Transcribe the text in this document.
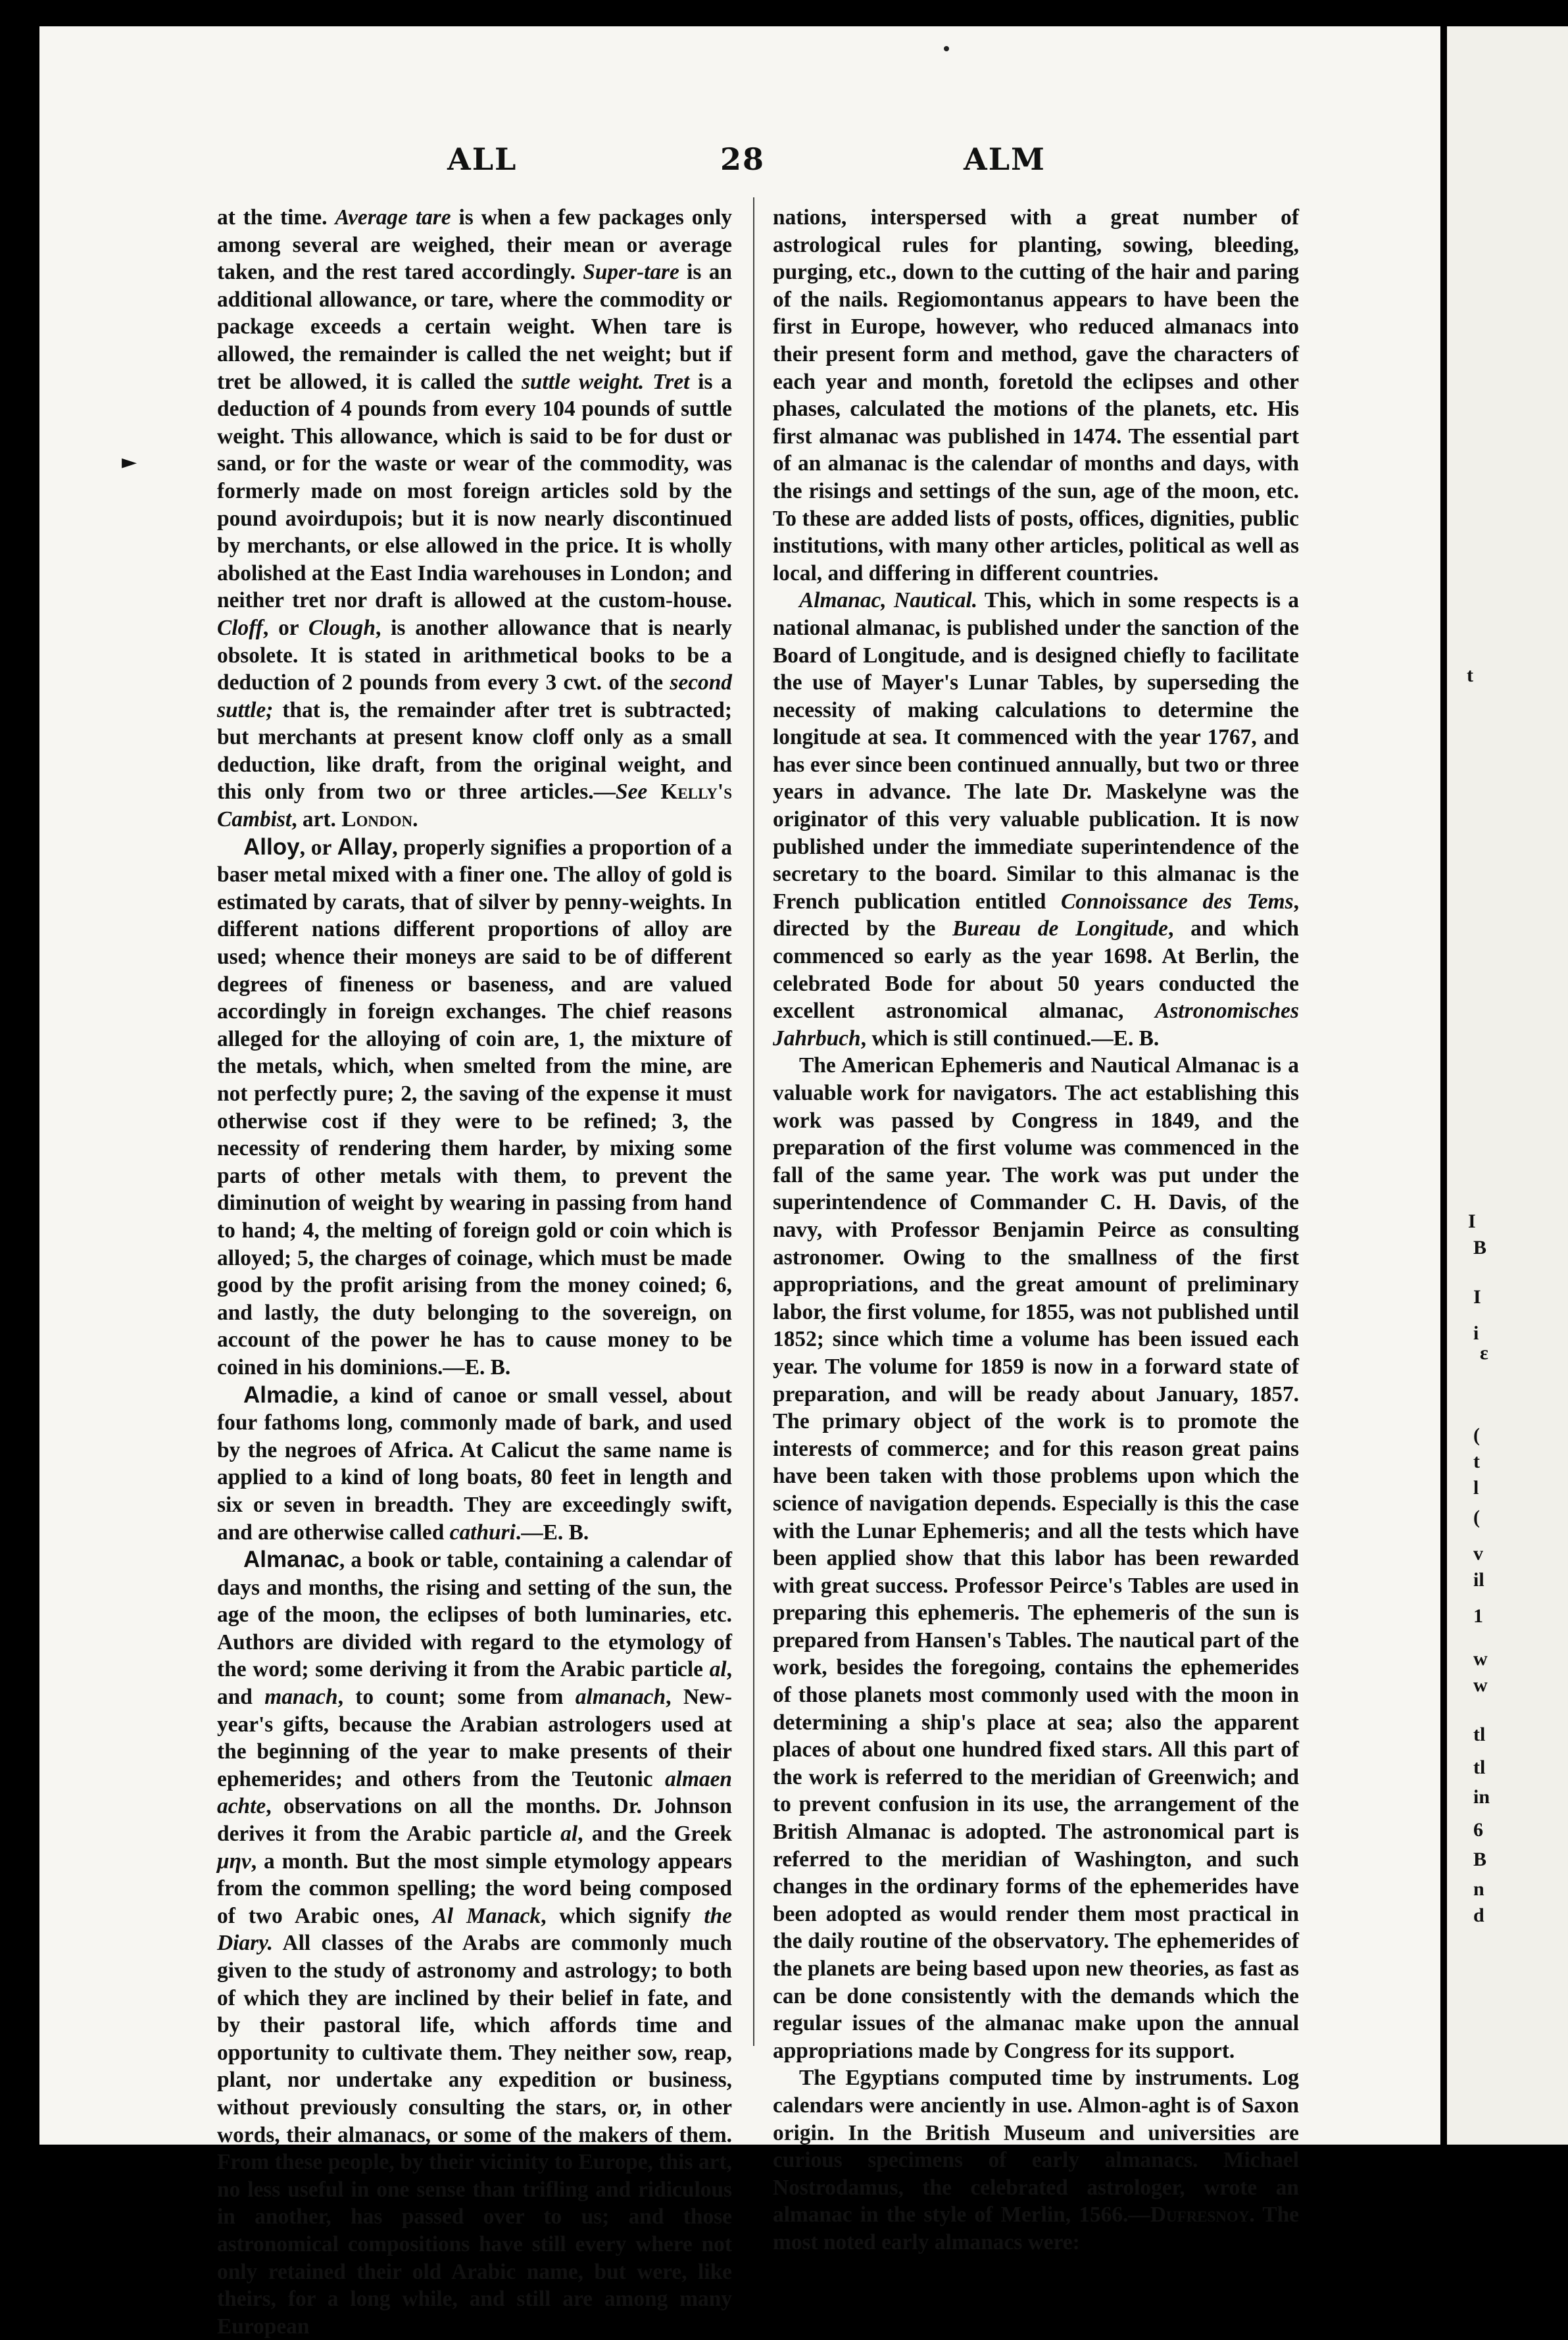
ALL	28	ALM
►

at the time. Average tare is when a few packages only among several are weighed, their mean or average taken, and the rest tared accordingly. Super-tare is an additional allowance, or tare, where the commodity or package exceeds a certain weight. When tare is allowed, the remainder is called the net weight; but if tret be allowed, it is called the suttle weight. Tret is a deduction of 4 pounds from every 104 pounds of suttle weight. This allowance, which is said to be for dust or sand, or for the waste or wear of the commodity, was formerly made on most foreign articles sold by the pound avoirdupois; but it is now nearly discontinued by merchants, or else allowed in the price. It is wholly abolished at the East India warehouses in London; and neither tret nor draft is allowed at the custom-house. Cloff, or Clough, is another allowance that is nearly obsolete. It is stated in arithmetical books to be a deduction of 2 pounds from every 3 cwt. of the second suttle; that is, the remainder after tret is subtracted; but merchants at present know cloff only as a small deduction, like draft, from the original weight, and this only from two or three articles.—See Kelly's Cambist, art. London.

Alloy, or Allay, properly signifies a proportion of a baser metal mixed with a finer one. The alloy of gold is estimated by carats, that of silver by penny-weights. In different nations different proportions of alloy are used; whence their moneys are said to be of different degrees of fineness or baseness, and are valued accordingly in foreign exchanges. The chief reasons alleged for the alloying of coin are, 1, the mixture of the metals, which, when smelted from the mine, are not perfectly pure; 2, the saving of the expense it must otherwise cost if they were to be refined; 3, the necessity of rendering them harder, by mixing some parts of other metals with them, to prevent the diminution of weight by wearing in passing from hand to hand; 4, the melting of foreign gold or coin which is alloyed; 5, the charges of coinage, which must be made good by the profit arising from the money coined; 6, and lastly, the duty belonging to the sovereign, on account of the power he has to cause money to be coined in his dominions.—E. B.

Almadie, a kind of canoe or small vessel, about four fathoms long, commonly made of bark, and used by the negroes of Africa. At Calicut the same name is applied to a kind of long boats, 80 feet in length and six or seven in breadth. They are exceedingly swift, and are otherwise called cathuri.—E. B.

Almanac, a book or table, containing a calendar of days and months, the rising and setting of the sun, the age of the moon, the eclipses of both luminaries, etc. Authors are divided with regard to the etymology of the word; some deriving it from the Arabic particle al, and manach, to count; some from almanach, New-year's gifts, because the Arabian astrologers used at the beginning of the year to make presents of their ephemerides; and others from the Teutonic almaen achte, observations on all the months. Dr. Johnson derives it from the Arabic particle al, and the Greek μην, a month. But the most simple etymology appears from the common spelling; the word being composed of two Arabic ones, Al Manack, which signify the Diary. All classes of the Arabs are commonly much given to the study of astronomy and astrology; to both of which they are inclined by their belief in fate, and by their pastoral life, which affords time and opportunity to cultivate them. They neither sow, reap, plant, nor undertake any expedition or business, without previously consulting the stars, or, in other words, their almanacs, or some of the makers of them. From these people, by their vicinity to Europe, this art, no less useful in one sense than trifling and ridiculous in another, has passed over to us; and those astronomical compositions have still every where not only retained their old Arabic name, but were, like theirs, for a long while, and still are among many European

nations, interspersed with a great number of astrological rules for planting, sowing, bleeding, purging, etc., down to the cutting of the hair and paring of the nails. Regiomontanus appears to have been the first in Europe, however, who reduced almanacs into their present form and method, gave the characters of each year and month, foretold the eclipses and other phases, calculated the motions of the planets, etc. His first almanac was published in 1474. The essential part of an almanac is the calendar of months and days, with the risings and settings of the sun, age of the moon, etc. To these are added lists of posts, offices, dignities, public institutions, with many other articles, political as well as local, and differing in different countries.

Almanac, Nautical. This, which in some respects is a national almanac, is published under the sanction of the Board of Longitude, and is designed chiefly to facilitate the use of Mayer's Lunar Tables, by superseding the necessity of making calculations to determine the longitude at sea. It commenced with the year 1767, and has ever since been continued annually, but two or three years in advance. The late Dr. Maskelyne was the originator of this very valuable publication. It is now published under the immediate superintendence of the secretary to the board. Similar to this almanac is the French publication entitled Connoissance des Tems, directed by the Bureau de Longitude, and which commenced so early as the year 1698. At Berlin, the celebrated Bode for about 50 years conducted the excellent astronomical almanac, Astronomisches Jahrbuch, which is still continued.—E. B.

The American Ephemeris and Nautical Almanac is a valuable work for navigators. The act establishing this work was passed by Congress in 1849, and the preparation of the first volume was commenced in the fall of the same year. The work was put under the superintendence of Commander C. H. Davis, of the navy, with Professor Benjamin Peirce as consulting astronomer. Owing to the smallness of the first appropriations, and the great amount of preliminary labor, the first volume, for 1855, was not published until 1852; since which time a volume has been issued each year. The volume for 1859 is now in a forward state of preparation, and will be ready about January, 1857. The primary object of the work is to promote the interests of commerce; and for this reason great pains have been taken with those problems upon which the science of navigation depends. Especially is this the case with the Lunar Ephemeris; and all the tests which have been applied show that this labor has been rewarded with great success. Professor Peirce's Tables are used in preparing this ephemeris. The ephemeris of the sun is prepared from Hansen's Tables. The nautical part of the work, besides the foregoing, contains the ephemerides of those planets most commonly used with the moon in determining a ship's place at sea; also the apparent places of about one hundred fixed stars. All this part of the work is referred to the meridian of Greenwich; and to prevent confusion in its use, the arrangement of the British Almanac is adopted. The astronomical part is referred to the meridian of Washington, and such changes in the ordinary forms of the ephemerides have been adopted as would render them most practical in the daily routine of the observatory. The ephemerides of the planets are being based upon new theories, as fast as can be done consistently with the demands which the regular issues of the almanac make upon the annual appropriations made by Congress for its support.

The Egyptians computed time by instruments. Log calendars were anciently in use. Almon-aght is of Saxon origin. In the British Museum and universities are curious specimens of early almanacs. Michael Nostrodamus, the celebrated astrologer, wrote an almanac in the style of Merlin, 1566.—Dufresnoy. The most noted early almanacs were:

t
I
B
I
i
ε
(
t
l
(
v
il
1
w
w
tl
tl
in
6
B
n
d
